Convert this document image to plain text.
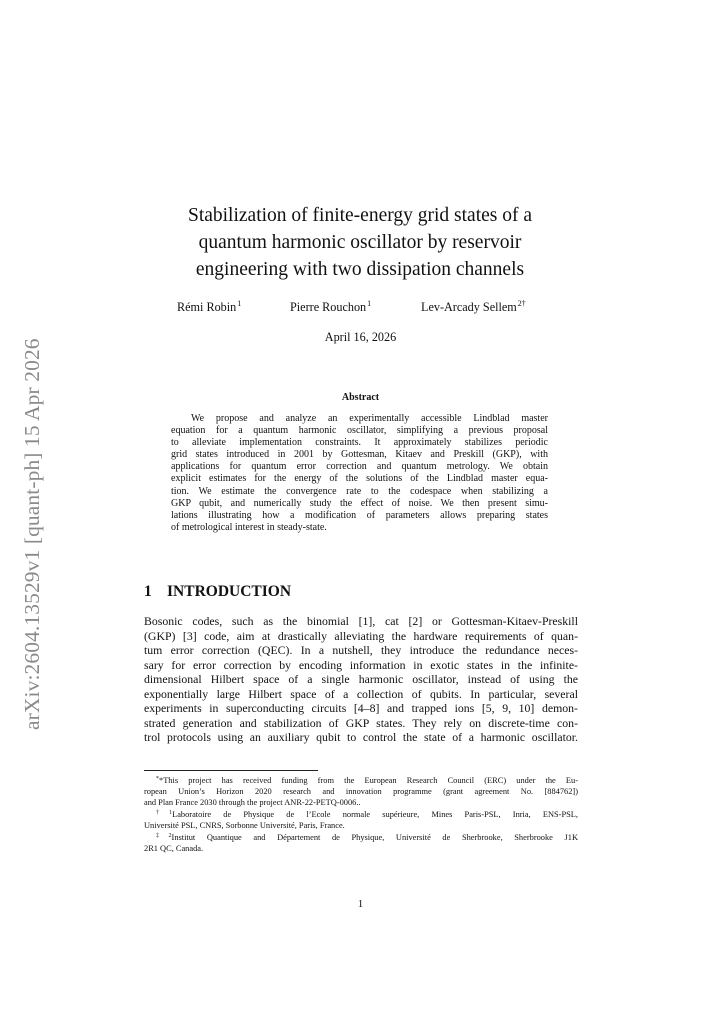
arXiv:2604.13529v1 [quant-ph] 15 Apr 2026
Stabilization of finite-energy grid states of a
quantum harmonic oscillator by reservoir
engineering with two dissipation channels
Rémi Robin$^1$	Pierre Rouchon$^1$	Lev-Arcady Sellem$^{2\dagger}$
April 16, 2026
Abstract
We propose and analyze an experimentally accessible Lindblad master
equation for a quantum harmonic oscillator, simplifying a previous proposal
to alleviate implementation constraints. It approximately stabilizes periodic
grid states introduced in 2001 by Gottesman, Kitaev and Preskill (GKP), with
applications for quantum error correction and quantum metrology. We obtain
explicit estimates for the energy of the solutions of the Lindblad master equa-
tion. We estimate the convergence rate to the codespace when stabilizing a
GKP qubit, and numerically study the effect of noise. We then present simu-
lations illustrating how a modification of parameters allows preparing states
of metrological interest in steady-state.
1 INTRODUCTION
Bosonic codes, such as the binomial [1], cat [2] or Gottesman-Kitaev-Preskill
(GKP) [3] code, aim at drastically alleviating the hardware requirements of quan-
tum error correction (QEC). In a nutshell, they introduce the redundance neces-
sary for error correction by encoding information in exotic states in the infinite-
dimensional Hilbert space of a single harmonic oscillator, instead of using the
exponentially large Hilbert space of a collection of qubits. In particular, several
experiments in superconducting circuits [4–8] and trapped ions [5, 9, 10] demon-
strated generation and stabilization of GKP states. They rely on discrete-time con-
trol protocols using an auxiliary qubit to control the state of a harmonic oscillator.
**This project has received funding from the European Research Council (ERC) under the Eu-
ropean Union’s Horizon 2020 research and innovation programme (grant agreement No. [884762])
and Plan France 2030 through the project ANR-22-PETQ-0006..
$^{\dagger 1}$Laboratoire de Physique de l’Ecole normale supérieure, Mines Paris-PSL, Inria, ENS-PSL,
Université PSL, CNRS, Sorbonne Université, Paris, France.
$^{\ddagger 2}$Institut Quantique and Département de Physique, Université de Sherbrooke, Sherbrooke J1K
2R1 QC, Canada.
1
